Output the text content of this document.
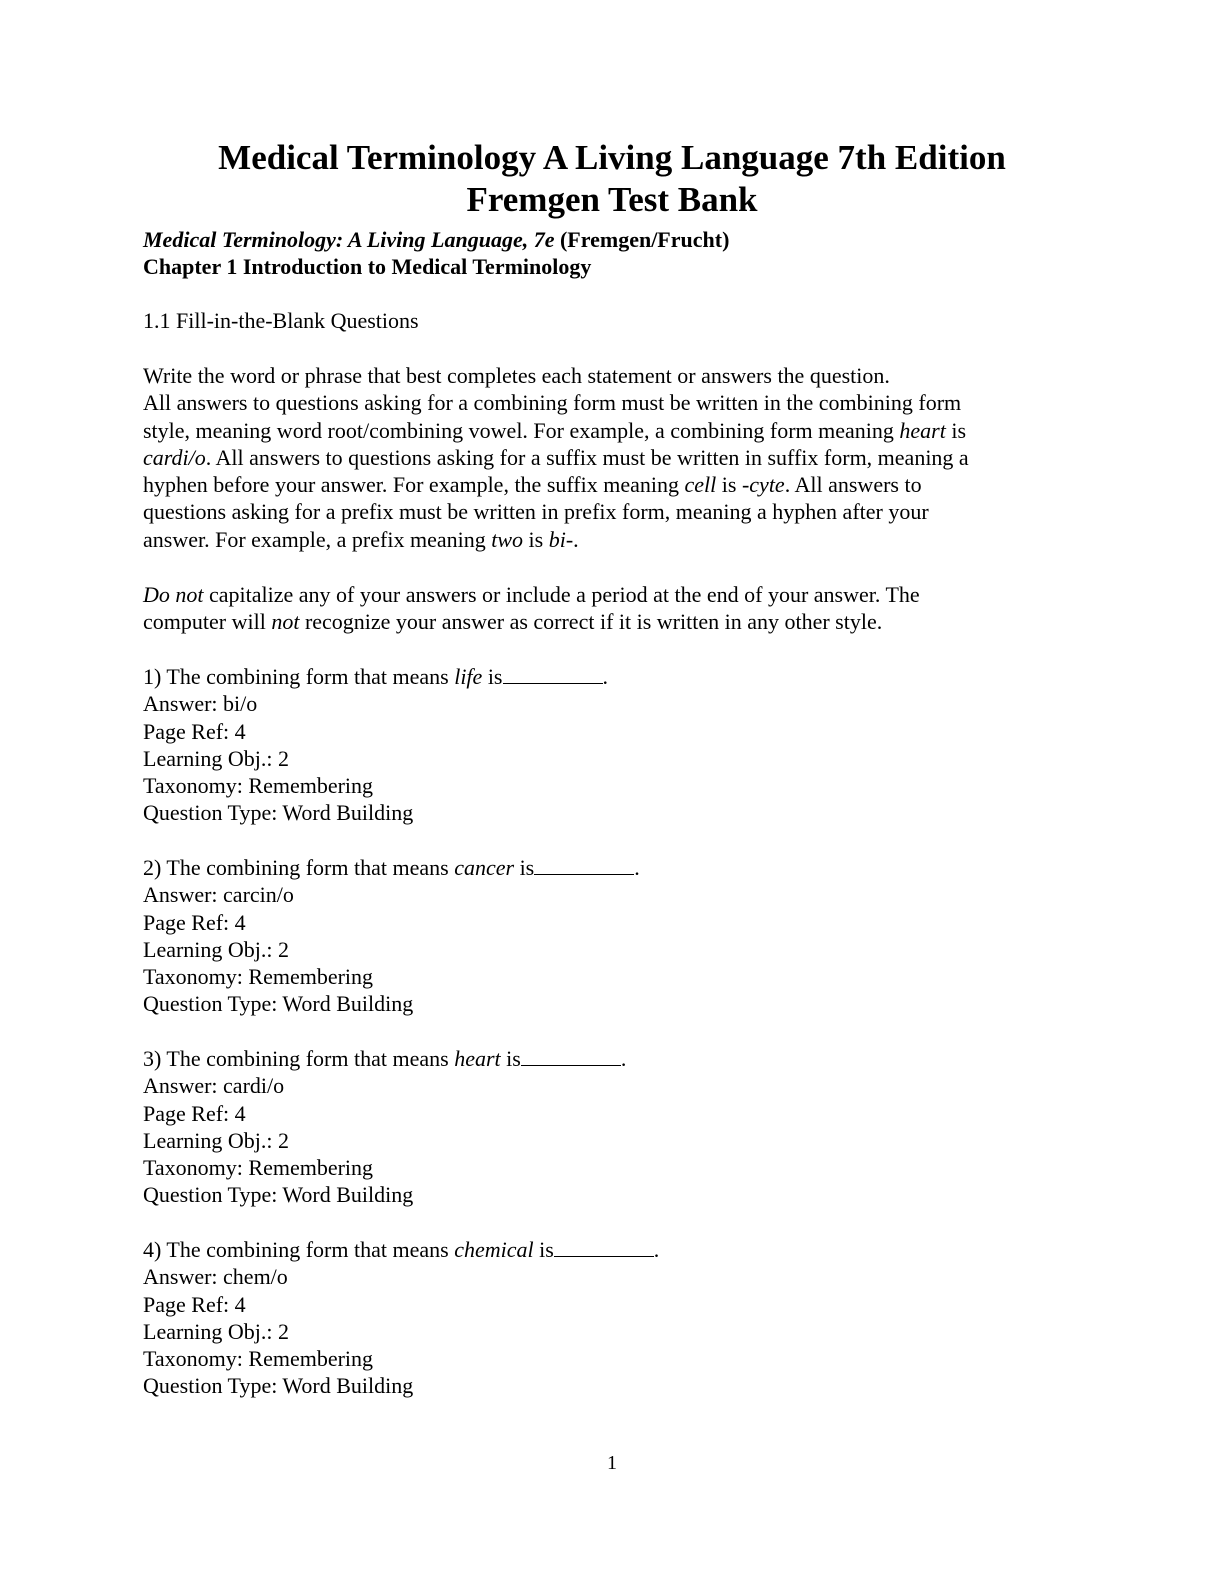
Medical Terminology A Living Language 7th Edition
Fremgen Test Bank
Medical Terminology: A Living Language, 7e (Fremgen/Frucht)
Chapter 1 Introduction to Medical Terminology
1.1 Fill-in-the-Blank Questions
Write the word or phrase that best completes each statement or answers the question.
All answers to questions asking for a combining form must be written in the combining form
style, meaning word root/combining vowel. For example, a combining form meaning heart is
cardi/o. All answers to questions asking for a suffix must be written in suffix form, meaning a
hyphen before your answer. For example, the suffix meaning cell is -cyte. All answers to
questions asking for a prefix must be written in prefix form, meaning a hyphen after your
answer. For example, a prefix meaning two is bi-.
Do not capitalize any of your answers or include a period at the end of your answer. The
computer will not recognize your answer as correct if it is written in any other style.
1) The combining form that means life is	.
Answer: bi/o
Page Ref: 4
Learning Obj.: 2
Taxonomy: Remembering
Question Type: Word Building
2) The combining form that means cancer is	.
Answer: carcin/o
Page Ref: 4
Learning Obj.: 2
Taxonomy: Remembering
Question Type: Word Building
3) The combining form that means heart is	.
Answer: cardi/o
Page Ref: 4
Learning Obj.: 2
Taxonomy: Remembering
Question Type: Word Building
4) The combining form that means chemical is	.
Answer: chem/o
Page Ref: 4
Learning Obj.: 2
Taxonomy: Remembering
Question Type: Word Building
1
